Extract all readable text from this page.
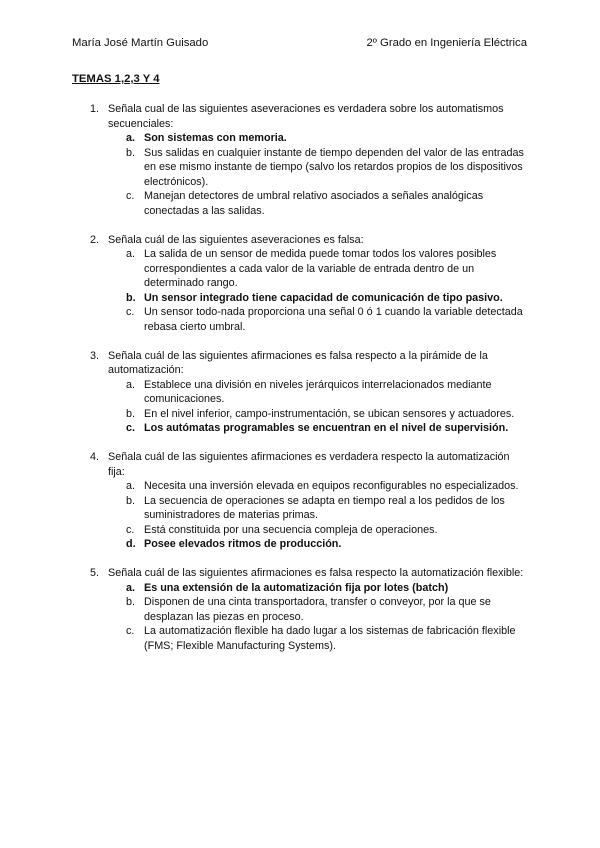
María José Martín Guisado	2º Grado en Ingeniería Eléctrica
TEMAS 1,2,3 Y 4
1. Señala cual de las siguientes aseveraciones es verdadera sobre los automatismos secuenciales:

a. Son sistemas con memoria.
b. Sus salidas en cualquier instante de tiempo dependen del valor de las entradas en ese mismo instante de tiempo (salvo los retardos propios de los dispositivos electrónicos).
c. Manejan detectores de umbral relativo asociados a señales analógicas conectadas a las salidas.
2. Señala cuál de las siguientes aseveraciones es falsa:

a. La salida de un sensor de medida puede tomar todos los valores posibles correspondientes a cada valor de la variable de entrada dentro de un determinado rango.
b. Un sensor integrado tiene capacidad de comunicación de tipo pasivo.
c. Un sensor todo-nada proporciona una señal 0 ó 1 cuando la variable detectada rebasa cierto umbral.
3. Señala cuál de las siguientes afirmaciones es falsa respecto a la pirámide de la automatización:

a. Establece una división en niveles jerárquicos interrelacionados mediante comunicaciones.
b. En el nivel inferior, campo-instrumentación, se ubican sensores y actuadores.
c. Los autómatas programables se encuentran en el nivel de supervisión.
4. Señala cuál de las siguientes afirmaciones es verdadera respecto la automatización fija:

a. Necesita una inversión elevada en equipos reconfigurables no especializados.
b. La secuencia de operaciones se adapta en tiempo real a los pedidos de los suministradores de materias primas.
c. Está constituida por una secuencia compleja de operaciones.
d. Posee elevados ritmos de producción.
5. Señala cuál de las siguientes afirmaciones es falsa respecto la automatización flexible:

a. Es una extensión de la automatización fija por lotes (batch)
b. Disponen de una cinta transportadora, transfer o conveyor, por la que se desplazan las piezas en proceso.
c. La automatización flexible ha dado lugar a los sistemas de fabricación flexible (FMS; Flexible Manufacturing Systems).
